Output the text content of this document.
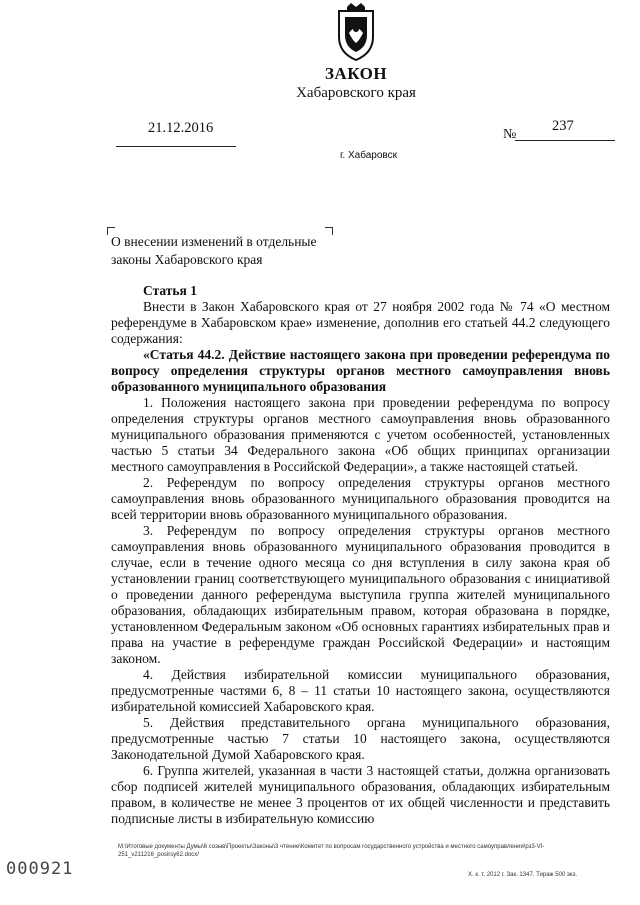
ЗАКОН
Хабаровского края
21.12.2016	№
237
г. Хабаровск
О внесении изменений в отдельные
законы Хабаровского края

Статья 1

Внести в Закон Хабаровского края от 27 ноября 2002 года № 74 «О местном референдуме в Хабаровском крае» изменение, дополнив его статьей 44.2 следующего содержания:

«Статья 44.2. Действие настоящего закона при проведении референдума по вопросу определения структуры органов местного самоуправления вновь образованного муниципального образования

1. Положения настоящего закона при проведении референдума по вопросу определения структуры органов местного самоуправления вновь образованного муниципального образования применяются с учетом особенностей, установленных частью 5 статьи 34 Федерального закона «Об общих принципах организации местного самоуправления в Российской Федерации», а также настоящей статьей.

2. Референдум по вопросу определения структуры органов местного самоуправления вновь образованного муниципального образования проводится на всей территории вновь образованного муниципального образования.

3. Референдум по вопросу определения структуры органов местного самоуправления вновь образованного муниципального образования проводится в случае, если в течение одного месяца со дня вступления в силу закона края об установлении границ соответствующего муниципального образования с инициативой о проведении данного референдума выступила группа жителей муниципального образования, обладающих избирательным правом, которая образована в порядке, установленном Федеральным законом «Об основных гарантиях избирательных прав и права на участие в референдуме граждан Российской Федерации» и настоящим законом.

4. Действия избирательной комиссии муниципального образования, предусмотренные частями 6, 8 – 11 статьи 10 настоящего закона, осуществляются избирательной комиссией Хабаровского края.

5. Действия представительного органа муниципального образования, предусмотренные частью 7 статьи 10 настоящего закона, осуществляются Законодательной Думой Хабаровского края.

6. Группа жителей, указанная в части 3 настоящей статьи, должна организовать сбор подписей жителей муниципального образования, обладающих избирательным правом, в количестве не менее 3 процентов от их общей численности и представить подписные листы в избирательную комиссию

M:\Итоговые документы Думы\6 созыв\Проекты\Законы\3 чтение\Комитет по вопросам государственного устройства и местного самоуправления\рз3-VI-
251_v211216_posirsy62.docx/
000921	Х. к. т. 2012 г. Зак. 1347. Тираж 500 экз.
